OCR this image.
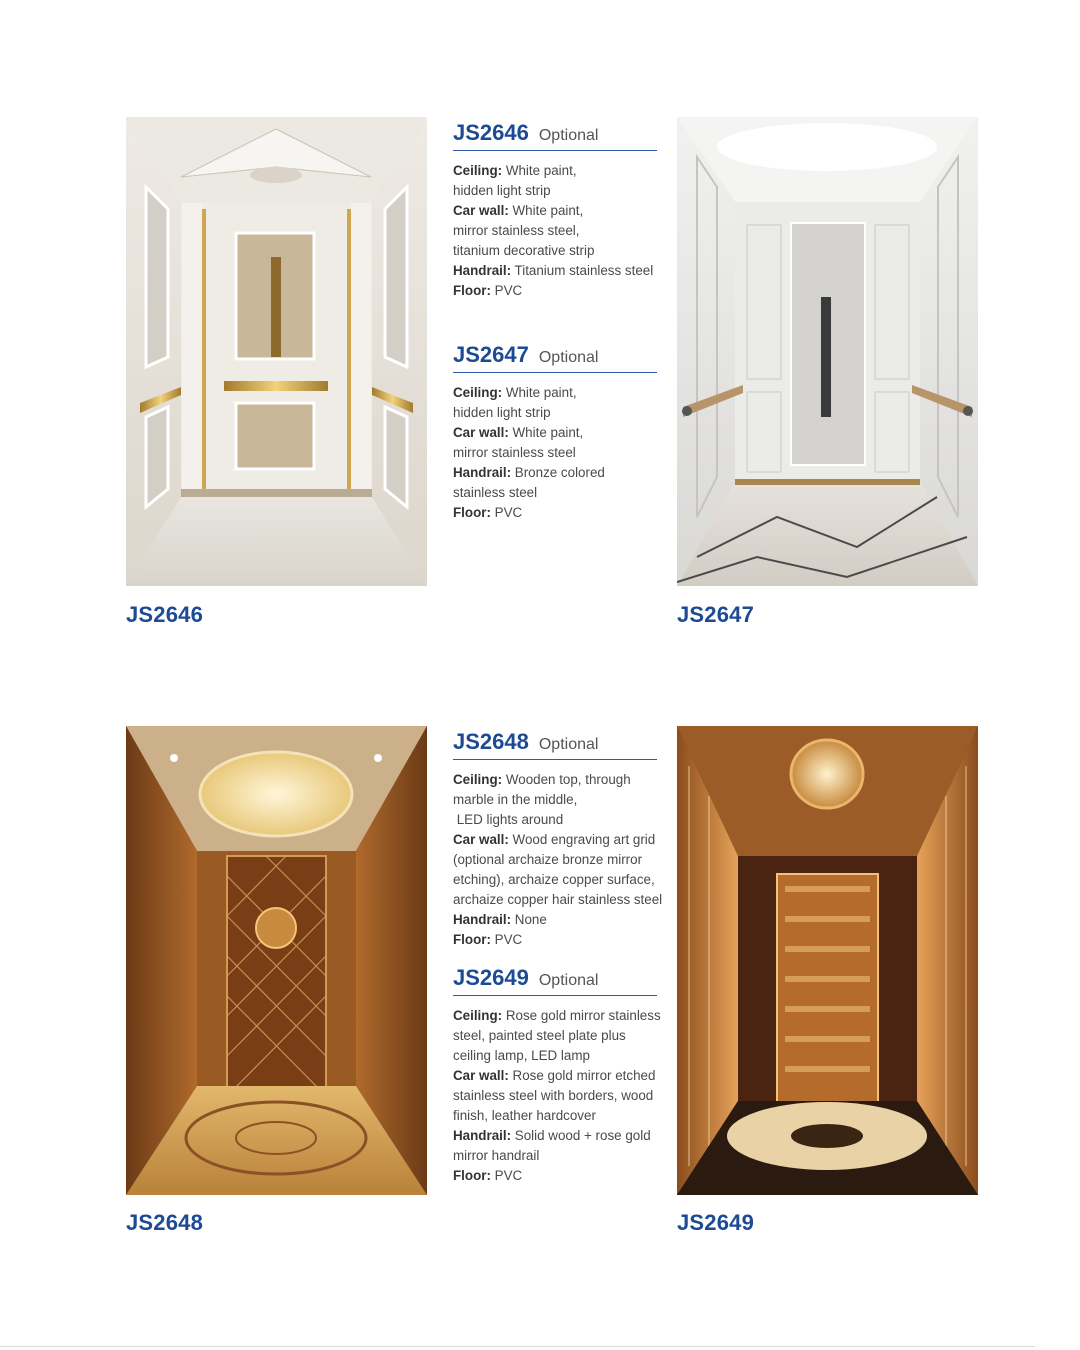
JS2646	JS2647
JS2648	JS2649
JS2646 Optional
Ceiling: White paint,
hidden light strip
Car wall: White paint,
mirror stainless steel,
titanium decorative strip
Handrail: Titanium stainless steel
Floor: PVC
JS2647 Optional
Ceiling: White paint,
hidden light strip
Car wall: White paint,
mirror stainless steel
Handrail: Bronze colored
stainless steel
Floor: PVC
JS2648 Optional
Ceiling: Wooden top, through
marble in the middle,
LED lights around
Car wall: Wood engraving art grid
(optional archaize bronze mirror
etching), archaize copper surface,
archaize copper hair stainless steel
Handrail: None
Floor: PVC
JS2649 Optional
Ceiling: Rose gold mirror stainless
steel, painted steel plate plus
ceiling lamp, LED lamp
Car wall: Rose gold mirror etched
stainless steel with borders, wood
finish, leather hardcover
Handrail: Solid wood + rose gold
mirror handrail
Floor: PVC
